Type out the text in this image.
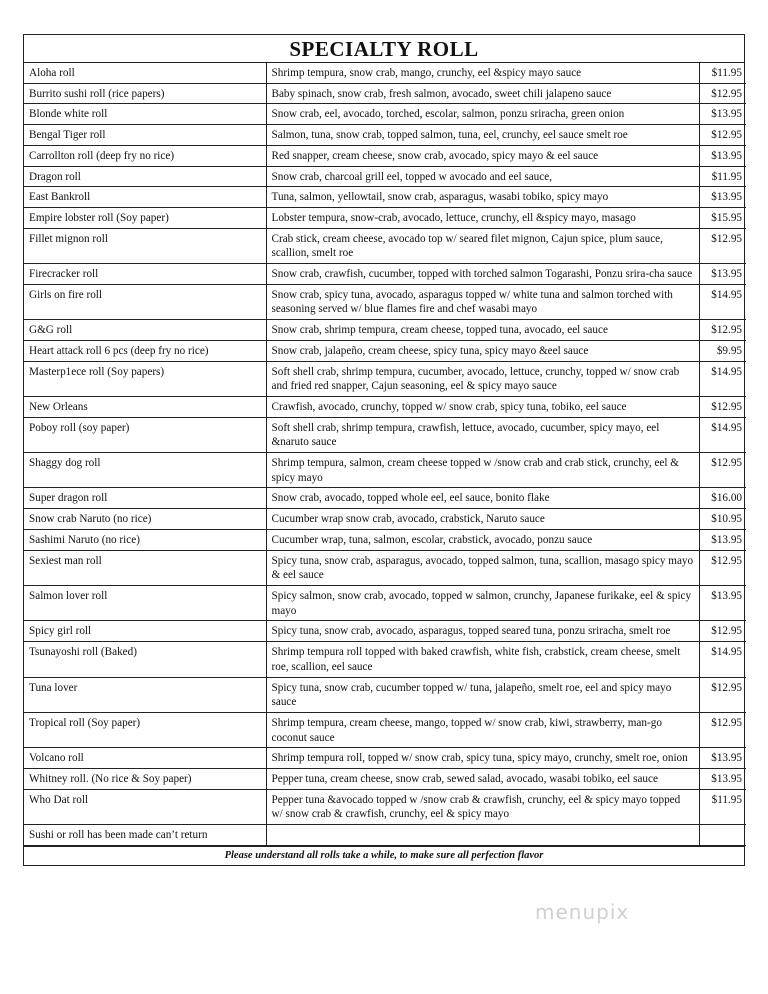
SPECIALTY ROLL
Aloha roll	Shrimp tempura, snow crab, mango, crunchy, eel &spicy mayo sauce	$11.95
Burrito sushi roll (rice papers)	Baby spinach, snow crab, fresh salmon, avocado, sweet chili jalapeno sauce	$12.95
Blonde white roll	Snow crab, eel, avocado, torched, escolar, salmon, ponzu sriracha, green onion	$13.95
Bengal Tiger roll	Salmon, tuna, snow crab, topped salmon, tuna, eel, crunchy, eel sauce smelt roe	$12.95
Carrollton roll (deep fry no rice)	Red snapper, cream cheese, snow crab, avocado, spicy mayo & eel sauce	$13.95
Dragon roll	Snow crab, charcoal grill eel, topped w avocado and eel sauce,	$11.95
East Bankroll	Tuna, salmon, yellowtail, snow crab, asparagus, wasabi tobiko, spicy mayo	$13.95
Empire lobster roll (Soy paper)	Lobster tempura, snow-crab, avocado, lettuce, crunchy, ell &spicy mayo, masago	$15.95
Fillet mignon roll	Crab stick, cream cheese, avocado top w/ seared filet mignon, Cajun spice, plum sauce, scallion, smelt roe	$12.95
Firecracker roll	Snow crab, crawfish, cucumber, topped with torched salmon Togarashi, Ponzu srira-cha sauce	$13.95
Girls on fire roll	Snow crab, spicy tuna, avocado, asparagus topped w/ white tuna and salmon torched with seasoning served w/ blue flames fire and chef wasabi mayo	$14.95
G&G roll	Snow crab, shrimp tempura, cream cheese, topped tuna, avocado, eel sauce	$12.95
Heart attack roll 6 pcs (deep fry no rice)	Snow crab, jalapeño, cream cheese, spicy tuna, spicy mayo &eel sauce	$9.95
Masterp1ece roll (Soy papers)	Soft shell crab, shrimp tempura, cucumber, avocado, lettuce, crunchy, topped w/ snow crab and fried red snapper, Cajun seasoning, eel & spicy mayo sauce	$14.95
New Orleans	Crawfish, avocado, crunchy, topped w/ snow crab, spicy tuna, tobiko, eel sauce	$12.95
Poboy roll (soy paper)	Soft shell crab, shrimp tempura, crawfish, lettuce, avocado, cucumber, spicy mayo, eel &naruto sauce	$14.95
Shaggy dog roll	Shrimp tempura, salmon, cream cheese topped w /snow crab and crab stick, crunchy, eel & spicy mayo	$12.95
Super dragon roll	Snow crab, avocado, topped whole eel, eel sauce, bonito flake	$16.00
Snow crab Naruto (no rice)	Cucumber wrap snow crab, avocado, crabstick, Naruto sauce	$10.95
Sashimi Naruto (no rice)	Cucumber wrap, tuna, salmon, escolar, crabstick, avocado, ponzu sauce	$13.95
Sexiest man roll	Spicy tuna, snow crab, asparagus, avocado, topped salmon, tuna, scallion, masago spicy mayo & eel sauce	$12.95
Salmon lover roll	Spicy salmon, snow crab, avocado, topped w salmon, crunchy, Japanese furikake, eel & spicy mayo	$13.95
Spicy girl roll	Spicy tuna, snow crab, avocado, asparagus, topped seared tuna, ponzu sriracha, smelt roe	$12.95
Tsunayoshi roll (Baked)	Shrimp tempura roll topped with baked crawfish, white fish, crabstick, cream cheese, smelt roe, scallion, eel sauce	$14.95
Tuna lover	Spicy tuna, snow crab, cucumber topped w/ tuna, jalapeño, smelt roe, eel and spicy mayo sauce	$12.95
Tropical roll (Soy paper)	Shrimp tempura, cream cheese, mango, topped w/ snow crab, kiwi, strawberry, man-go coconut sauce	$12.95
Volcano roll	Shrimp tempura roll, topped w/ snow crab, spicy tuna, spicy mayo, crunchy, smelt roe, onion	$13.95
Whitney roll. (No rice & Soy paper)	Pepper tuna, cream cheese, snow crab, sewed salad, avocado, wasabi tobiko, eel sauce	$13.95
Who Dat roll	Pepper tuna &avocado topped w /snow crab & crawfish, crunchy, eel & spicy mayo topped w/ snow crab & crawfish, crunchy, eel & spicy mayo	$11.95
Sushi or roll has been made can’t return		
Please understand all rolls take a while, to make sure all perfection flavor
menupix
